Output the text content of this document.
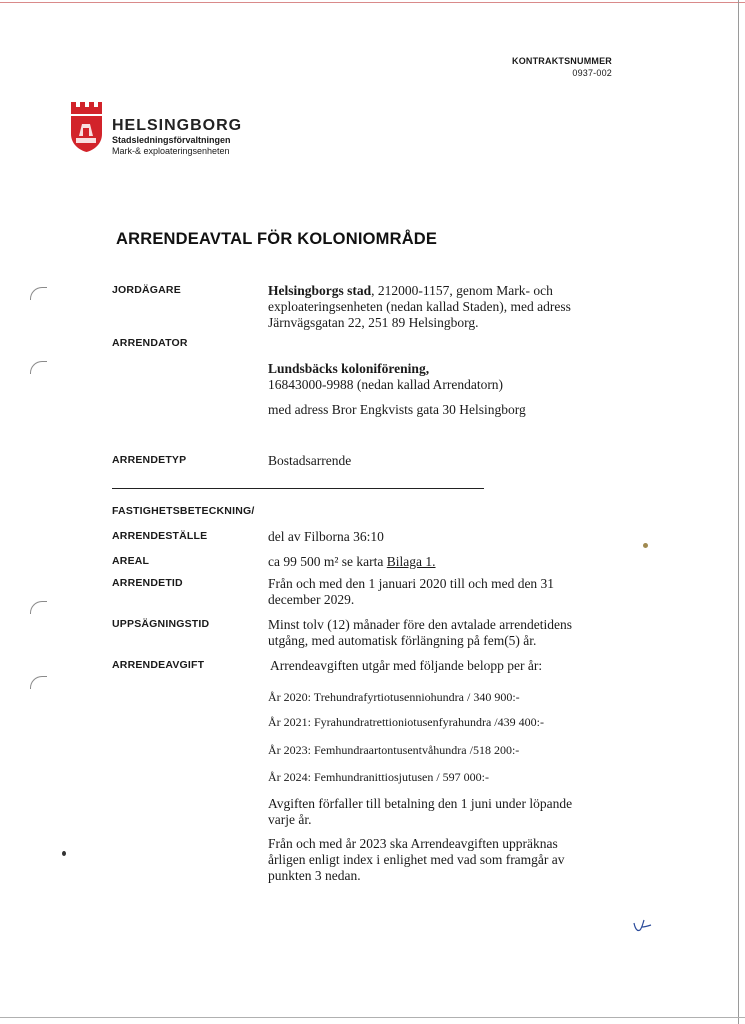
KONTRAKTSNUMMER
0937-002
HELSINGBORG
Stadsledningsförvaltningen
Mark-& exploateringsenheten
ARRENDEAVTAL FÖR KOLONIOMRÅDE
JORDÄGARE	Helsingborgs stad, 212000-1157, genom Mark- och
exploateringsenheten (nedan kallad Staden), med adress
Järnvägsgatan 22, 251 89 Helsingborg.
ARRENDATOR
Lundsbäcks koloniförening,
16843000-9988 (nedan kallad Arrendatorn)
med adress Bror Engkvists gata 30 Helsingborg
ARRENDETYP	Bostadsarrende
FASTIGHETSBETECKNING/
ARRENDESTÄLLE	del av Filborna 36:10
AREAL	ca 99 500 m² se karta Bilaga 1.
ARRENDETID	Från och med den 1 januari 2020 till och med den 31
december 2029.
UPPSÄGNINGSTID	Minst tolv (12) månader före den avtalade arrendetidens
utgång, med automatisk förlängning på fem(5) år.
ARRENDEAVGIFT	Arrendeavgiften utgår med följande belopp per år:
År 2020: Trehundrafyrtiotusenniohundra / 340 900:-
År 2021: Fyrahundratrettioniotusenfyrahundra /439 400:-
År 2023: Femhundraartontusentvåhundra /518 200:-
År 2024: Femhundranittiosjutusen / 597 000:-
Avgiften förfaller till betalning den 1 juni under löpande
varje år.
Från och med år 2023 ska Arrendeavgiften uppräknas
årligen enligt index i enlighet med vad som framgår av
punkten 3 nedan.
